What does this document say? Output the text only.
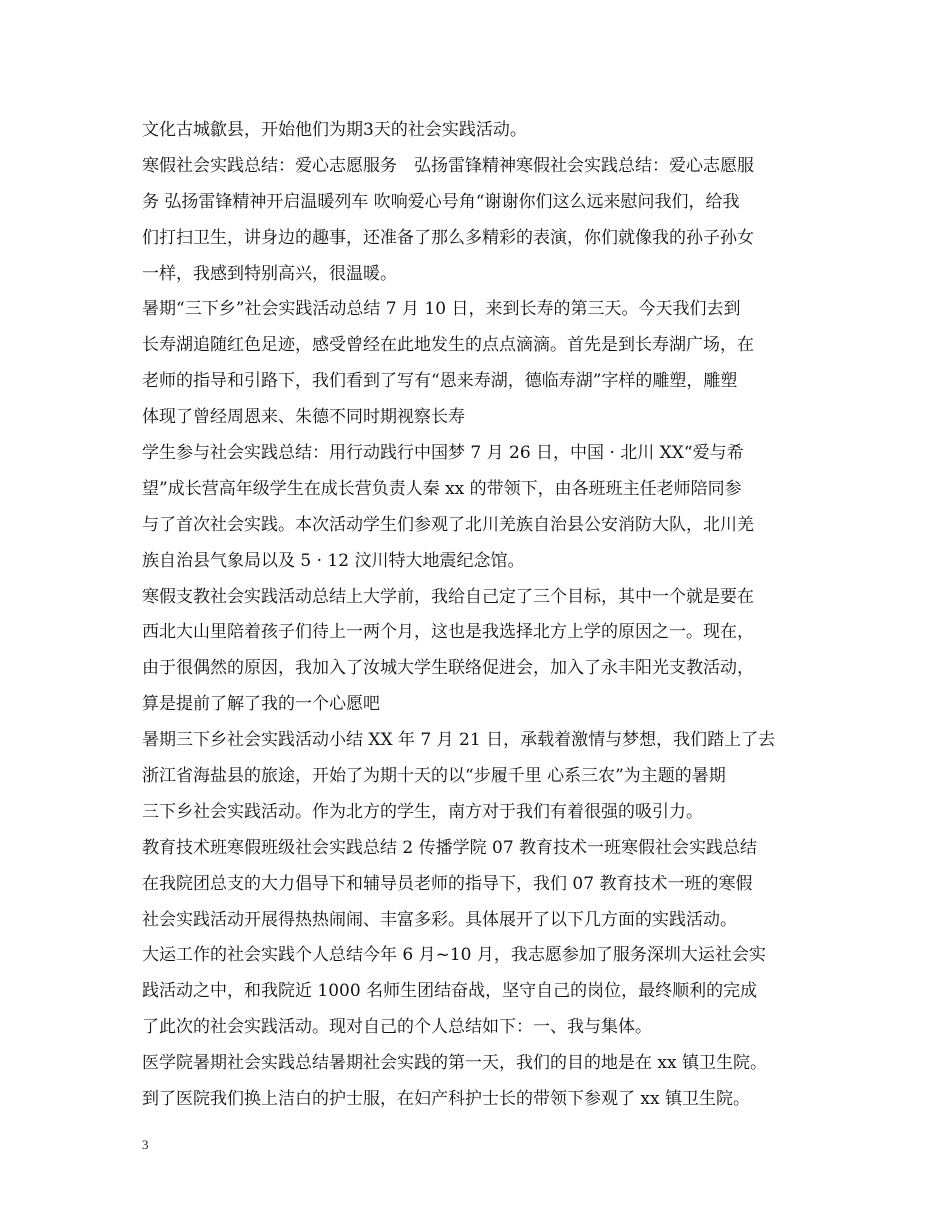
文化古城歙县，开始他们为期3天的社会实践活动。
寒假社会实践总结：爱心志愿服务　弘扬雷锋精神寒假社会实践总结：爱心志愿服
务 弘扬雷锋精神开启温暖列车 吹响爱心号角“谢谢你们这么远来慰问我们，给我
们打扫卫生，讲身边的趣事，还准备了那么多精彩的表演，你们就像我的孙子孙女
一样，我感到特别高兴，很温暖。
暑期“三下乡”社会实践活动总结 7 月 10 日，来到长寿的第三天。今天我们去到
长寿湖追随红色足迹，感受曾经在此地发生的点点滴滴。首先是到长寿湖广场，在
老师的指导和引路下，我们看到了写有“恩来寿湖，德临寿湖”字样的雕塑，雕塑
体现了曾经周恩来、朱德不同时期视察长寿
学生参与社会实践总结：用行动践行中国梦 7 月 26 日，中国 · 北川 XX“爱与希
望”成长营高年级学生在成长营负责人秦 xx 的带领下，由各班班主任老师陪同参
与了首次社会实践。本次活动学生们参观了北川羌族自治县公安消防大队，北川羌
族自治县气象局以及 5 · 12 汶川特大地震纪念馆。
寒假支教社会实践活动总结上大学前，我给自己定了三个目标，其中一个就是要在
西北大山里陪着孩子们待上一两个月，这也是我选择北方上学的原因之一。现在，
由于很偶然的原因，我加入了汝城大学生联络促进会，加入了永丰阳光支教活动，
算是提前了解了我的一个心愿吧
暑期三下乡社会实践活动小结 XX 年 7 月 21 日，承载着激情与梦想，我们踏上了去
浙江省海盐县的旅途，开始了为期十天的以“步履千里 心系三农”为主题的暑期
三下乡社会实践活动。作为北方的学生，南方对于我们有着很强的吸引力。
教育技术班寒假班级社会实践总结 2 传播学院 07 教育技术一班寒假社会实践总结
在我院团总支的大力倡导下和辅导员老师的指导下，我们 07 教育技术一班的寒假
社会实践活动开展得热热闹闹、丰富多彩。具体展开了以下几方面的实践活动。
大运工作的社会实践个人总结今年 6 月~10 月，我志愿参加了服务深圳大运社会实
践活动之中，和我院近 1000 名师生团结奋战，坚守自己的岗位，最终顺利的完成
了此次的社会实践活动。现对自己的个人总结如下：一、我与集体。
医学院暑期社会实践总结暑期社会实践的第一天，我们的目的地是在 xx 镇卫生院。
到了医院我们换上洁白的护士服，在妇产科护士长的带领下参观了 xx 镇卫生院。
3
